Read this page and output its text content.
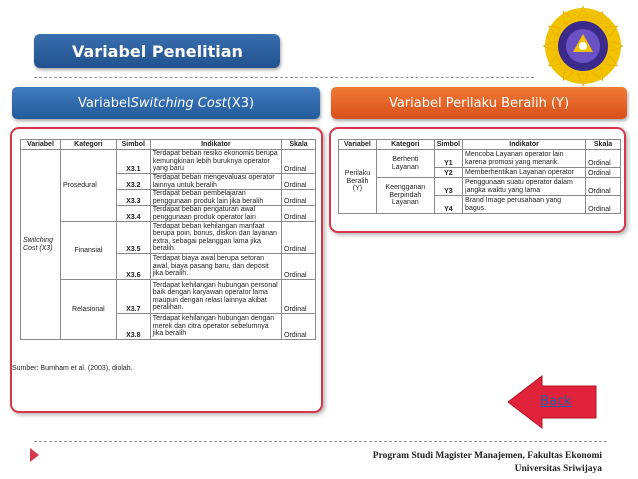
Variabel Penelitian
Variabel Switching Cost (X3)	Variabel Perilaku Beralih (Y)
Variabel	Kategori	Simbol	Indikator	Skala
Switching
Cost (X3)	Prosedural	X3.1	Terdapat beban resiko ekonomis berupa kemungkinan lebih buruknya operator yang baru	Ordinal
		X3.2	Terdapat beban mengevaluasi operator lainnya untuk beralih	Ordinal
		X3.3	Terdapat beban pembelajaran penggunaan produk lain jika beralih	Ordinal
		X3.4	Terdapat beban pengaturan awal penggunaan produk operator lain	Ordinal
	Finansial	X3.5	Terdapat beban kehilangan manfaat berupa poin, bonus, diskon dan layanan extra, sebagai pelanggan lama jika beralih.	Ordinal
		X3.6	Terdapat biaya awal berupa setoran awal, biaya pasang baru, dan deposit jika beralih.	Ordinal
	Relasional	X3.7	Terdapat kehilangan hubungan personal baik dengan karyawan operator lama maupun dengan relasi lainnya akibat peralihan.	Ordinal
		X3.8	Terdapat kehilangan hubungan dengan merek dan citra operator sebelumnya jika beralih	Ordinal
Sumber: Burnham et al. (2003), diolah.
Variabel	Kategori	Simbol	Indikator	Skala
Perilaku Beralih (Y)	Berhenti Layanan	Y1	Mencoba Layanan operator lain karena promosi yang menarik.	Ordinal
		Y2	Memberhentikan Layanan operator	Ordinal
	Keengganan Berpindah Layanan	Y3	Penggunaan suatu operator dalam jangka waktu yang lama	Ordinal
		Y4	Brand Image perusahaan yang bagus.	Ordinal
Back
Program Studi Magister Manajemen, Fakultas Ekonomi
Universitas Sriwijaya
